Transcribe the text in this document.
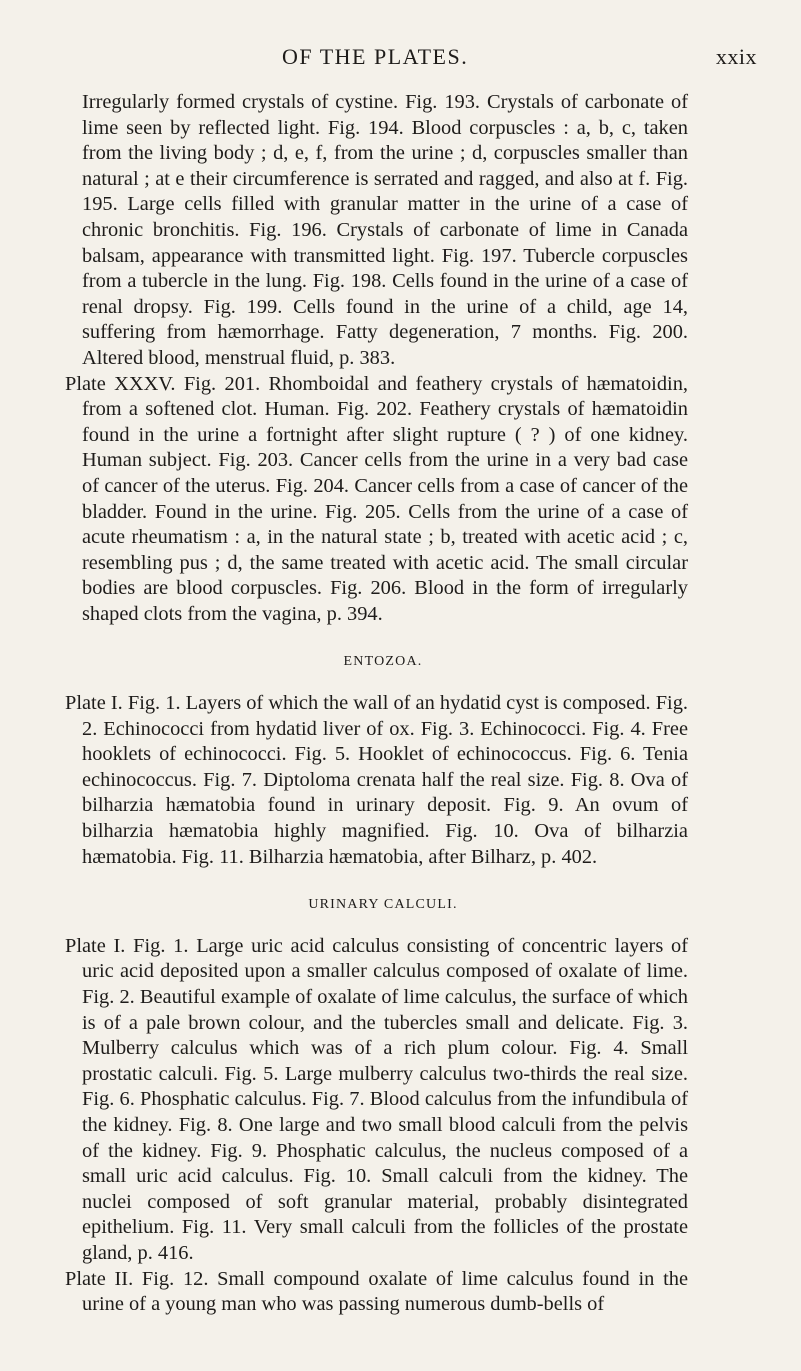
OF THE PLATES.	xxix

Irregularly formed crystals of cystine. Fig. 193. Crystals of carbonate of lime seen by reflected light. Fig. 194. Blood corpuscles : a, b, c, taken from the living body ; d, e, f, from the urine ; d, corpuscles smaller than natural ; at e their circumference is serrated and ragged, and also at f. Fig. 195. Large cells filled with granular matter in the urine of a case of chronic bronchitis. Fig. 196. Crystals of carbonate of lime in Canada balsam, appearance with transmitted light. Fig. 197. Tubercle corpuscles from a tubercle in the lung. Fig. 198. Cells found in the urine of a case of renal dropsy. Fig. 199. Cells found in the urine of a child, age 14, suffering from hæmorrhage. Fatty degeneration, 7 months. Fig. 200. Altered blood, menstrual fluid, p. 383.

Plate XXXV. Fig. 201. Rhomboidal and feathery crystals of hæmatoidin, from a softened clot. Human. Fig. 202. Feathery crystals of hæmatoidin found in the urine a fortnight after slight rupture ( ? ) of one kidney. Human subject. Fig. 203. Cancer cells from the urine in a very bad case of cancer of the uterus. Fig. 204. Cancer cells from a case of cancer of the bladder. Found in the urine. Fig. 205. Cells from the urine of a case of acute rheumatism : a, in the natural state ; b, treated with acetic acid ; c, resembling pus ; d, the same treated with acetic acid. The small circular bodies are blood corpuscles. Fig. 206. Blood in the form of irregularly shaped clots from the vagina, p. 394.

ENTOZOA.

Plate I. Fig. 1. Layers of which the wall of an hydatid cyst is composed. Fig. 2. Echinococci from hydatid liver of ox. Fig. 3. Echinococci. Fig. 4. Free hooklets of echinococci. Fig. 5. Hooklet of echinococcus. Fig. 6. Tenia echinococcus. Fig. 7. Diptoloma crenata half the real size. Fig. 8. Ova of bilharzia hæmatobia found in urinary deposit. Fig. 9. An ovum of bilharzia hæmatobia highly magnified. Fig. 10. Ova of bilharzia hæmatobia. Fig. 11. Bilharzia hæmatobia, after Bilharz, p. 402.

URINARY CALCULI.

Plate I. Fig. 1. Large uric acid calculus consisting of concentric layers of uric acid deposited upon a smaller calculus composed of oxalate of lime. Fig. 2. Beautiful example of oxalate of lime calculus, the surface of which is of a pale brown colour, and the tubercles small and delicate. Fig. 3. Mulberry calculus which was of a rich plum colour. Fig. 4. Small prostatic calculi. Fig. 5. Large mulberry calculus two-thirds the real size. Fig. 6. Phosphatic calculus. Fig. 7. Blood calculus from the infundibula of the kidney. Fig. 8. One large and two small blood calculi from the pelvis of the kidney. Fig. 9. Phosphatic calculus, the nucleus composed of a small uric acid calculus. Fig. 10. Small calculi from the kidney. The nuclei composed of soft granular material, probably disintegrated epithelium. Fig. 11. Very small calculi from the follicles of the prostate gland, p. 416.

Plate II. Fig. 12. Small compound oxalate of lime calculus found in the urine of a young man who was passing numerous dumb-bells of
